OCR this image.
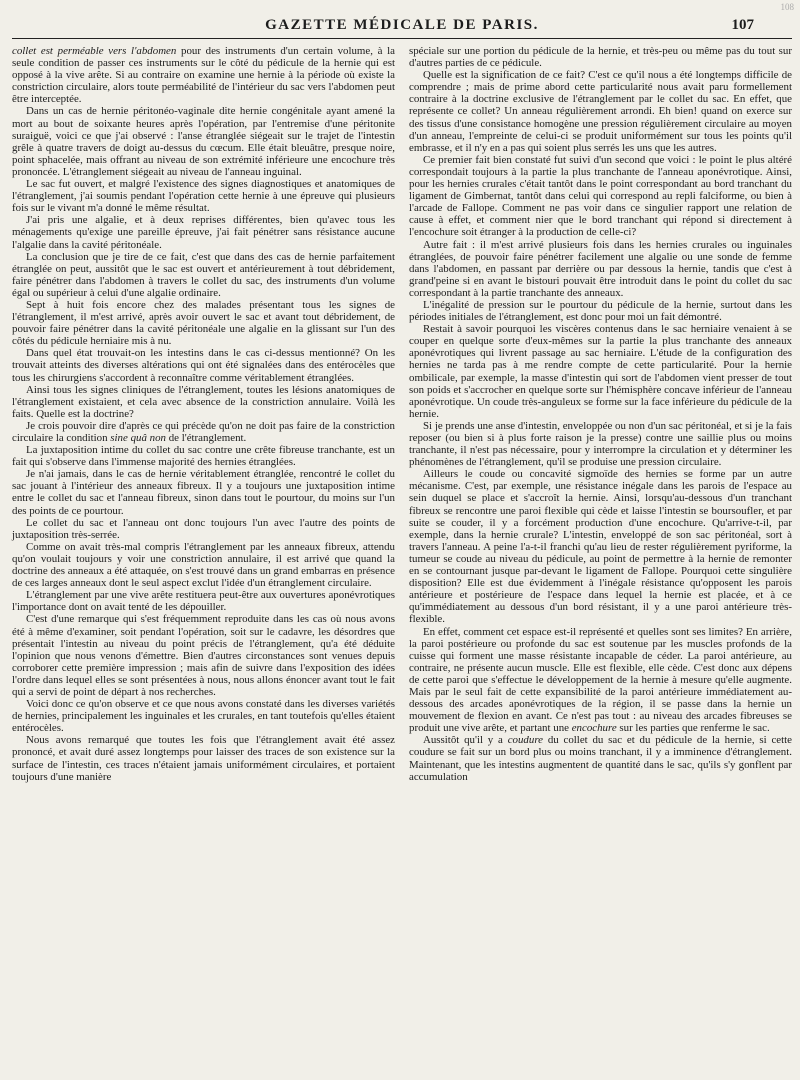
108
GAZETTE MÉDICALE DE PARIS.	107

collet est perméable vers l'abdomen pour des instruments d'un certain volume, à la seule condition de passer ces instruments sur le côté du pédicule de la hernie qui est opposé à la vive arête. Si au contraire on examine une hernie à la période où existe la constriction circulaire, alors toute perméabilité de l'intérieur du sac vers l'abdomen peut être interceptée.

Dans un cas de hernie péritonéo-vaginale dite hernie congénitale ayant amené la mort au bout de soixante heures après l'opération, par l'entremise d'une péritonite suraiguë, voici ce que j'ai observé : l'anse étranglée siégeait sur le trajet de l'intestin grêle à quatre travers de doigt au-dessus du cœcum. Elle était bleuâtre, presque noire, point sphacelée, mais offrant au niveau de son extrémité inférieure une encochure très prononcée. L'étranglement siégeait au niveau de l'anneau inguinal.

Le sac fut ouvert, et malgré l'existence des signes diagnostiques et anatomiques de l'étranglement, j'ai soumis pendant l'opération cette hernie à une épreuve qui plusieurs fois sur le vivant m'a donné le même résultat.

J'ai pris une algalie, et à deux reprises différentes, bien qu'avec tous les ménagements qu'exige une pareille épreuve, j'ai fait pénétrer sans résistance aucune l'algalie dans la cavité péritonéale.

La conclusion que je tire de ce fait, c'est que dans des cas de hernie parfaitement étranglée on peut, aussitôt que le sac est ouvert et antérieurement à tout débridement, faire pénétrer dans l'abdomen à travers le collet du sac, des instruments d'un volume égal ou supérieur à celui d'une algalie ordinaire.

Sept à huit fois encore chez des malades présentant tous les signes de l'étranglement, il m'est arrivé, après avoir ouvert le sac et avant tout débridement, de pouvoir faire pénétrer dans la cavité péritonéale une algalie en la glissant sur l'un des côtés du pédicule herniaire mis à nu.

Dans quel état trouvait-on les intestins dans le cas ci-dessus mentionné? On les trouvait atteints des diverses altérations qui ont été signalées dans des entérocèles que tous les chirurgiens s'accordent à reconnaître comme véritablement étranglées.

Ainsi tous les signes cliniques de l'étranglement, toutes les lésions anatomiques de l'étranglement existaient, et cela avec absence de la constriction annulaire. Voilà les faits. Quelle est la doctrine?

Je crois pouvoir dire d'après ce qui précède qu'on ne doit pas faire de la constriction circulaire la condition sine quâ non de l'étranglement.

La juxtaposition intime du collet du sac contre une crête fibreuse tranchante, est un fait qui s'observe dans l'immense majorité des hernies étranglées.

Je n'ai jamais, dans le cas de hernie véritablement étranglée, rencontré le collet du sac jouant à l'intérieur des anneaux fibreux. Il y a toujours une juxtaposition intime entre le collet du sac et l'anneau fibreux, sinon dans tout le pourtour, du moins sur l'un des points de ce pourtour.

Le collet du sac et l'anneau ont donc toujours l'un avec l'autre des points de juxtaposition très-serrée.

Comme on avait très-mal compris l'étranglement par les anneaux fibreux, attendu qu'on voulait toujours y voir une constriction annulaire, il est arrivé que quand la doctrine des anneaux a été attaquée, on s'est trouvé dans un grand embarras en présence de ces larges anneaux dont le seul aspect exclut l'idée d'un étranglement circulaire.

L'étranglement par une vive arête restituera peut-être aux ouvertures aponévrotiques l'importance dont on avait tenté de les dépouiller.

C'est d'une remarque qui s'est fréquemment reproduite dans les cas où nous avons été à même d'examiner, soit pendant l'opération, soit sur le cadavre, les désordres que présentait l'intestin au niveau du point précis de l'étranglement, qu'a été déduite l'opinion que nous venons d'émettre. Bien d'autres circonstances sont venues depuis corroborer cette première impression ; mais afin de suivre dans l'exposition des idées l'ordre dans lequel elles se sont présentées à nous, nous allons énoncer avant tout le fait qui a servi de point de départ à nos recherches.

Voici donc ce qu'on observe et ce que nous avons constaté dans les diverses variétés de hernies, principalement les inguinales et les crurales, en tant toutefois qu'elles étaient entérocèles.

Nous avons remarqué que toutes les fois que l'étranglement avait été assez prononcé, et avait duré assez longtemps pour laisser des traces de son existence sur la surface de l'intestin, ces traces n'étaient jamais uniformément circulaires, et portaient toujours d'une manière

spéciale sur une portion du pédicule de la hernie, et très-peu ou même pas du tout sur d'autres parties de ce pédicule.

Quelle est la signification de ce fait? C'est ce qu'il nous a été longtemps difficile de comprendre ; mais de prime abord cette particularité nous avait paru formellement contraire à la doctrine exclusive de l'étranglement par le collet du sac. En effet, que représente ce collet? Un anneau régulièrement arrondi. Eh bien! quand on exerce sur des tissus d'une consistance homogène une pression régulièrement circulaire au moyen d'un anneau, l'empreinte de celui-ci se produit uniformément sur tous les points qu'il embrasse, et il n'y en a pas qui soient plus serrés les uns que les autres.

Ce premier fait bien constaté fut suivi d'un second que voici : le point le plus altéré correspondait toujours à la partie la plus tranchante de l'anneau aponévrotique. Ainsi, pour les hernies crurales c'était tantôt dans le point correspondant au bord tranchant du ligament de Gimbernat, tantôt dans celui qui correspond au repli falciforme, ou bien à l'arcade de Fallope. Comment ne pas voir dans ce singulier rapport une relation de cause à effet, et comment nier que le bord tranchant qui répond si directement à l'encochure soit étranger à la production de celle-ci?

Autre fait : il m'est arrivé plusieurs fois dans les hernies crurales ou inguinales étranglées, de pouvoir faire pénétrer facilement une algalie ou une sonde de femme dans l'abdomen, en passant par derrière ou par dessous la hernie, tandis que c'est à grand'peine si en avant le bistouri pouvait être introduit dans le point du collet du sac correspondant à la partie tranchante des anneaux.

L'inégalité de pression sur le pourtour du pédicule de la hernie, surtout dans les périodes initiales de l'étranglement, est donc pour moi un fait démontré.

Restait à savoir pourquoi les viscères contenus dans le sac herniaire venaient à se couper en quelque sorte d'eux-mêmes sur la partie la plus tranchante des anneaux aponévrotiques qui livrent passage au sac herniaire. L'étude de la configuration des hernies ne tarda pas à me rendre compte de cette particularité. Pour la hernie ombilicale, par exemple, la masse d'intestin qui sort de l'abdomen vient presser de tout son poids et s'accrocher en quelque sorte sur l'hémisphère concave inférieur de l'anneau aponévrotique. Un coude très-anguleux se forme sur la face inférieure du pédicule de la hernie.

Si je prends une anse d'intestin, enveloppée ou non d'un sac péritonéal, et si je la fais reposer (ou bien si à plus forte raison je la presse) contre une saillie plus ou moins tranchante, il n'est pas nécessaire, pour y interrompre la circulation et y déterminer les phénomènes de l'étranglement, qu'il se produise une pression circulaire.

Ailleurs le coude ou concavité sigmoïde des hernies se forme par un autre mécanisme. C'est, par exemple, une résistance inégale dans les parois de l'espace au sein duquel se place et s'accroît la hernie. Ainsi, lorsqu'au-dessous d'un tranchant fibreux se rencontre une paroi flexible qui cède et laisse l'intestin se boursoufler, et par suite se couder, il y a forcément production d'une encochure. Qu'arrive-t-il, par exemple, dans la hernie crurale? L'intestin, enveloppé de son sac péritonéal, sort à travers l'anneau. A peine l'a-t-il franchi qu'au lieu de rester régulièrement pyriforme, la tumeur se coude au niveau du pédicule, au point de permettre à la hernie de remonter en se contournant jusque par-devant le ligament de Fallope. Pourquoi cette singulière disposition? Elle est due évidemment à l'inégale résistance qu'opposent les parois antérieure et postérieure de l'espace dans lequel la hernie est placée, et à ce qu'immédiatement au dessous d'un bord résistant, il y a une paroi antérieure très-flexible.

En effet, comment cet espace est-il représenté et quelles sont ses limites? En arrière, la paroi postérieure ou profonde du sac est soutenue par les muscles profonds de la cuisse qui forment une masse résistante incapable de céder. La paroi antérieure, au contraire, ne présente aucun muscle. Elle est flexible, elle cède. C'est donc aux dépens de cette paroi que s'effectue le développement de la hernie à mesure qu'elle augmente. Mais par le seul fait de cette expansibilité de la paroi antérieure immédiatement au-dessous des arcades aponévrotiques de la région, il se passe dans la hernie un mouvement de flexion en avant. Ce n'est pas tout : au niveau des arcades fibreuses se produit une vive arête, et partant une encochure sur les parties que renferme le sac.

Aussitôt qu'il y a coudure du collet du sac et du pédicule de la hernie, si cette coudure se fait sur un bord plus ou moins tranchant, il y a imminence d'étranglement. Maintenant, que les intestins augmentent de quantité dans le sac, qu'ils s'y gonflent par accumulation
